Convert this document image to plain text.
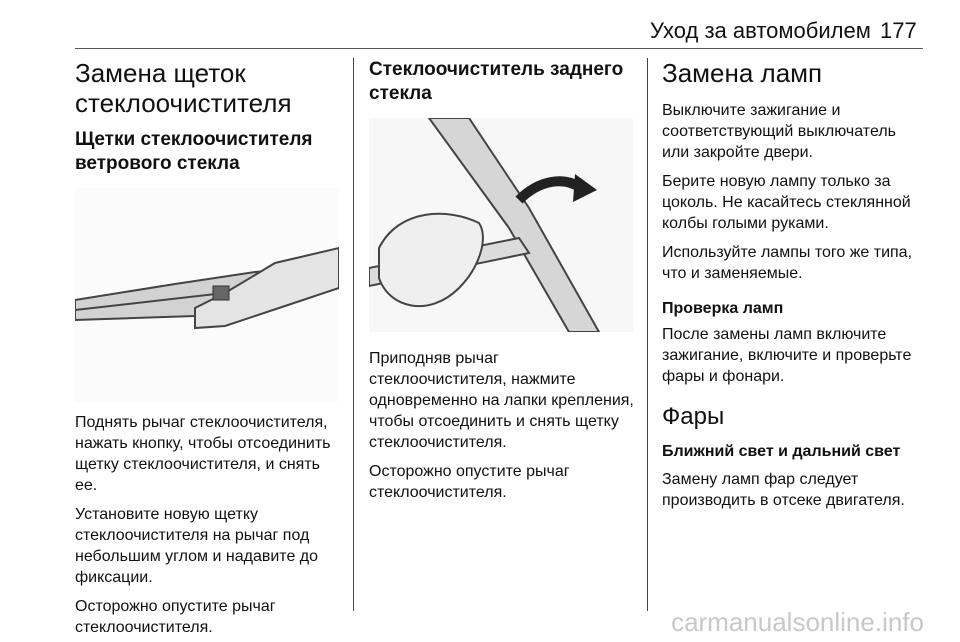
Уход за автомобилем 177
Замена щеток стеклоочистителя
Щетки стеклоочистителя ветрового стекла

Поднять рычаг стеклоочистителя, нажать кнопку, чтобы отсоединить щетку стеклоочистителя, и снять ее.

Установите новую щетку стеклоочистителя на рычаг под небольшим углом и надавите до фиксации.

Осторожно опустите рычаг стеклоочистителя.

Стеклоочиститель заднего стекла

Приподняв рычаг стеклоочистителя, нажмите одновременно на лапки крепления, чтобы отсоединить и снять щетку стеклоочистителя.

Осторожно опустите рычаг стеклоочистителя.

Замена ламп

Выключите зажигание и соответствующий выключатель или закройте двери.

Берите новую лампу только за цоколь. Не касайтесь стеклянной колбы голыми руками.

Используйте лампы того же типа, что и заменяемые.

Проверка ламп

После замены ламп включите зажигание, включите и проверьте фары и фонари.

Фары
Ближний свет и дальний свет

Замену ламп фар следует производить в отсеке двигателя.

carmanualsonline.info
